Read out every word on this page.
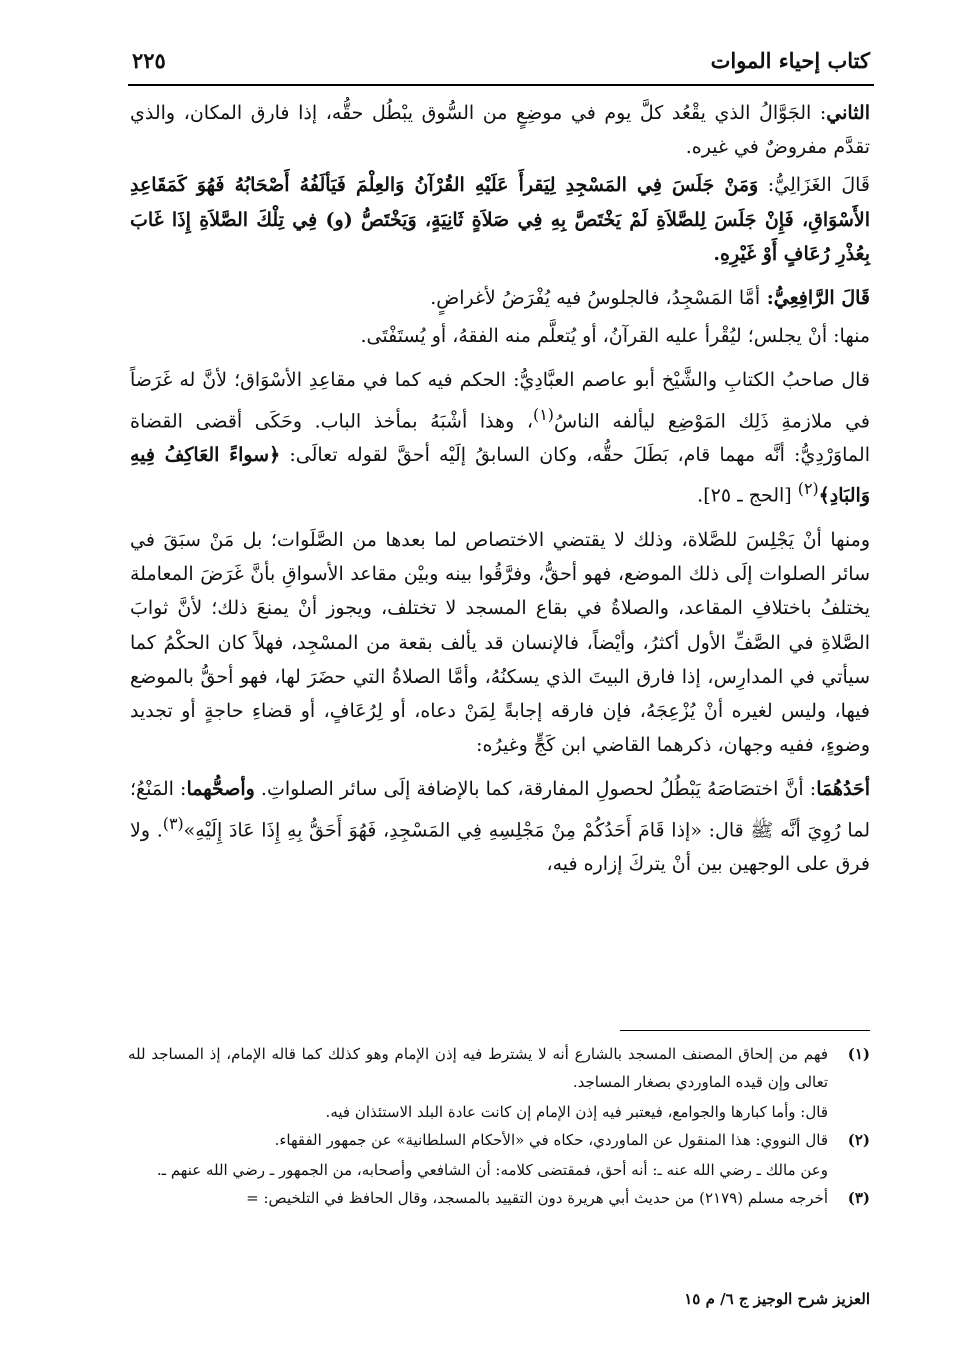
كتاب إحياء الموات
٢٢٥

الثاني: الجَوَّالُ الذي يقْعُد كلَّ يوم في موضِعٍ من السُّوق يبْطُل حقُّه، إذا فارق المكان، والذي تقدَّم مفروضٌ في غيره.

قَالَ الغَزَالِيُّ: وَمَنْ جَلَسَ فِي المَسْجِدِ لِيَقرأَ عَلَيْهِ القُرْآنُ وَالعِلْمَ فَيَألَفُهُ أَصْحَابُهُ فَهُوَ كَمَقَاعِدِ الأَسْوَاقِ، فَإِنْ جَلَسَ لِلصَّلاَةِ لَمْ يَخْتَصَّ بِهِ فِي صَلاَةٍ ثَانِيَةٍ، وَيَخْتَصُّ (و) فِي تِلْكَ الصَّلاَةِ إِذَا غَابَ بِعُذْرِ رُعَافٍ أَوْ غَيْرِهِ.

قَالَ الرَّافِعِيُّ: أمَّا المَسْجِدُ، فالجلوسُ فيه يُفْرَضُ لأغراضٍ.

منها: أنْ يجلس؛ ليُقْرأ عليه القرآنُ، أو يُتعلَّم منه الفقهُ، أو يُستَفْتَى.

قال صاحبُ الكتابِ والشَّيْخ أبو عاصم العبَّادِيُّ: الحكم فيه كما في مقاعِدِ الأسْوَاق؛ لأنَّ له غَرَضاً في ملازمةِ ذَلِك المَوْضِع ليألفه الناسُ$^{(١)}$، وهذا أشْبَهُ بمأخذ الباب. وحَكَى أقضى القضاة الماوَرْدِيُّ: أنَّه مهما قام، بَطَلَ حقُّه، وكان السابقُ إلَيْه أحقَّ لقوله تعالَى: ﴿سواءً العَاكِفُ فِيهِ وَالبَادِ﴾$^{(٢)}$ [الحج ـ ٢٥].

ومنها أنْ يَجْلِسَ للصَّلاة، وذلك لا يقتضي الاختصاص لما بعدها من الصَّلَوات؛ بل مَنْ سبَقَ في سائر الصلوات إلَى ذلك الموضع، فهو أحقُّ، وفرَّقُوا بينه وبيْن مقاعد الأسواقِ بأنَّ غَرَضَ المعاملة يختلفُ باختلافِ المقاعد، والصلاةُ في بقاع المسجد لا تختلف، ويجوز أنْ يمنعَ ذلك؛ لأنَّ ثوابَ الصَّلاةِ في الصَّفِّ الأول أكثرُ، وأيْضاً، فالإنسان قد يألف بقعة من المسْجِد، فهلاً كان الحكْمُ كما سيأتي في المدارِس، إذا فارق البيتَ الذي يسكنُهُ، وأمَّا الصلاةُ التي حضَرَ لها، فهو أحقُّ بالموضع فيها، وليس لغيره أنْ يُزْعِجَهُ، فإن فارقه إجابةً لِمَنْ دعاه، أو لِرُعَافٍ، أو قضاءِ حاجةٍ أو تجديد وضوءٍ، ففيه وجهان، ذكرهما القاضي ابن كَجٍّ وغيرُه:

أحَدُهُمَا: أنَّ اختصَاصَهُ يَبْطُلُ لحصولِ المفارقة، كما بالإضافة إلَى سائر الصلواتِ. وأصحُّهما: المَنْعُ؛ لما رُوِيَ أنَّه ﷺ قال: «إذا قَامَ أَحَدُكُمْ مِنْ مَجْلِسِهِ فِي المَسْجِدِ، فَهُوَ أَحَقُّ بِهِ إِذَا عَادَ إِلَيْهِ»$^{(٣)}$. ولا فرق على الوجهين بين أنْ يتركَ إزاره فيه،

(١)
فهم من إلحاق المصنف المسجد بالشارع أنه لا يشترط فيه إذن الإمام وهو كذلك كما قاله الإمام، إذ المساجد لله تعالى وإن قيده الماوردي بصغار المساجد.
قال: وأما كبارها والجوامع، فيعتبر فيه إذن الإمام إن كانت عادة البلد الاستئذان فيه.
(٢)
قال النووي: هذا المنقول عن الماوردي، حكاه في «الأحكام السلطانية» عن جمهور الفقهاء.
وعن مالك ـ رضي الله عنه ـ: أنه أحق، فمقتضى كلامه: أن الشافعي وأصحابه، من الجمهور ـ رضي الله عنهم ـ.
(٣)
أخرجه مسلم (٢١٧٩) من حديث أبي هريرة دون التقييد بالمسجد، وقال الحافظ في التلخيص: =
العزيز شرح الوجيز ج ٦/ م ١٥
